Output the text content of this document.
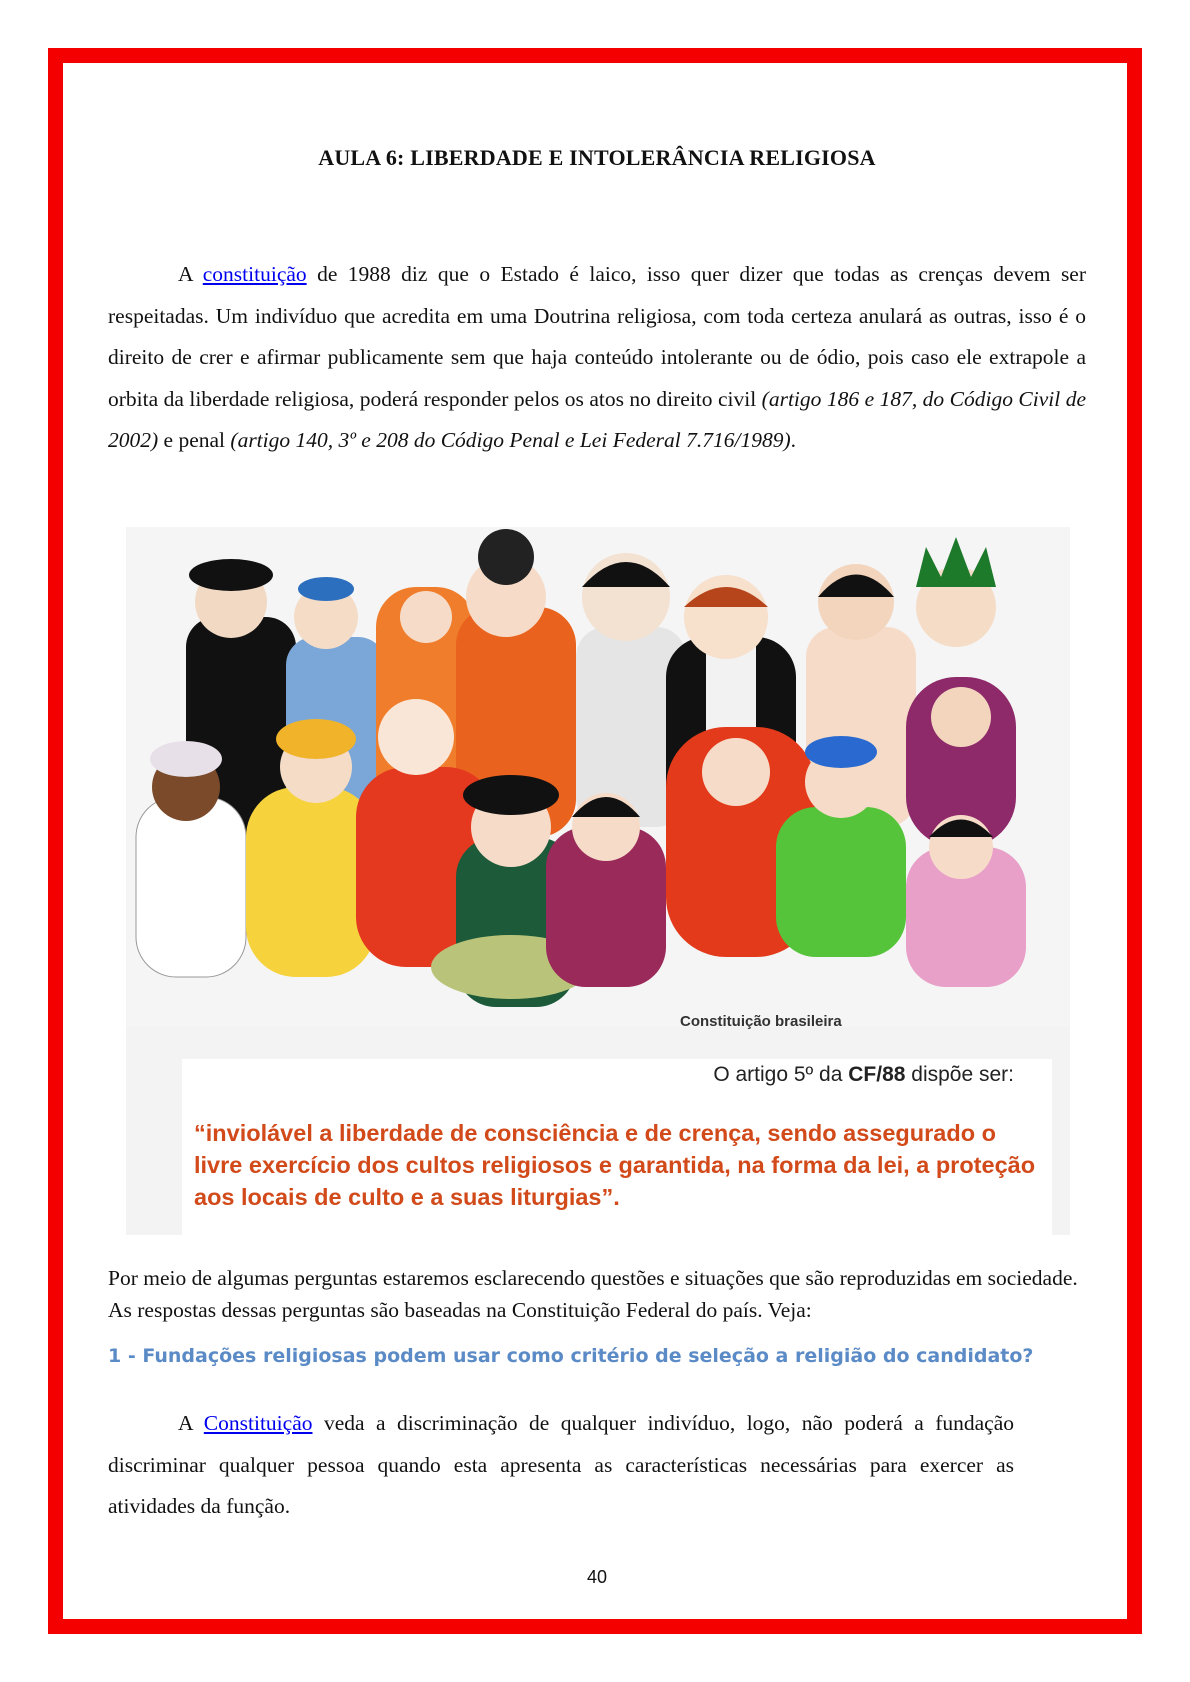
AULA 6: LIBERDADE E INTOLERÂNCIA RELIGIOSA

A constituição de 1988 diz que o Estado é laico, isso quer dizer que todas as crenças devem ser respeitadas. Um indivíduo que acredita em uma Doutrina religiosa, com toda certeza anulará as outras, isso é o direito de crer e afirmar publicamente sem que haja conteúdo intolerante ou de ódio, pois caso ele extrapole a orbita da liberdade religiosa, poderá responder pelos os atos no direito civil (artigo 186 e 187, do Código Civil de 2002) e penal (artigo 140, 3º e 208 do Código Penal e Lei Federal 7.716/1989).

Constituição brasileira
O artigo 5º da CF/88 dispõe ser:
“inviolável a liberdade de consciência e de crença, sendo assegurado o livre exercício dos cultos religiosos e garantida, na forma da lei, a proteção aos locais de culto e a suas liturgias”.

Por meio de algumas perguntas estaremos esclarecendo questões e situações que são reproduzidas em sociedade. As respostas dessas perguntas são baseadas na Constituição Federal do país. Veja:

1 - Fundações religiosas podem usar como critério de seleção a religião do candidato?

A Constituição veda a discriminação de qualquer indivíduo, logo, não poderá a fundação discriminar qualquer pessoa quando esta apresenta as características necessárias para exercer as atividades da função.

40
